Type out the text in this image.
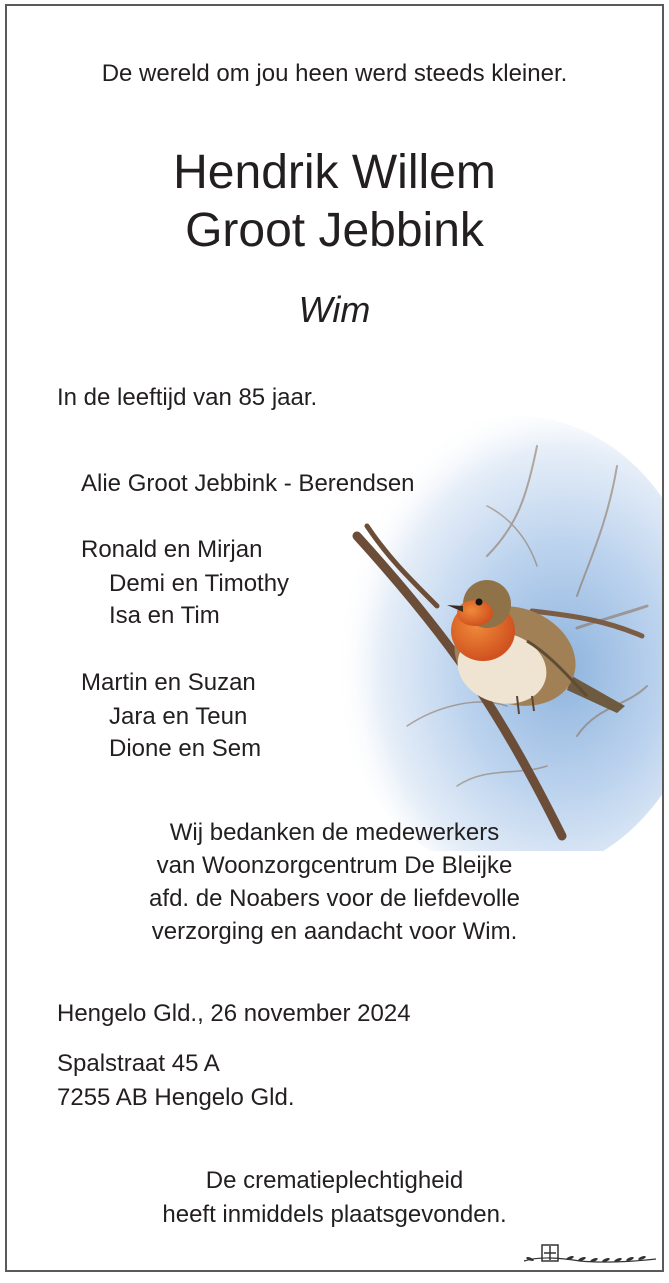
De wereld om jou heen werd steeds kleiner.
Hendrik Willem
Groot Jebbink
Wim
In de leeftijd van 85 jaar.
Alie Groot Jebbink - Berendsen
Ronald en Mirjan
Demi en Timothy
Isa en Tim
Martin en Suzan
Jara en Teun
Dione en Sem
Wij bedanken de medewerkers
van Woonzorgcentrum De Bleijke
afd. de Noabers voor de liefdevolle
verzorging en aandacht voor Wim.
Hengelo Gld., 26 november 2024
Spalstraat 45 A
7255 AB Hengelo Gld.
De crematieplechtigheid
heeft inmiddels plaatsgevonden.
